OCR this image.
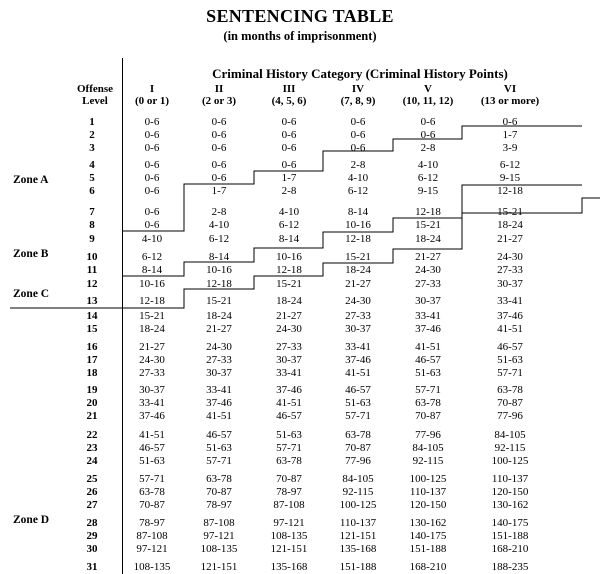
SENTENCING TABLE
(in months of imprisonment)
Criminal History Category (Criminal History Points)
Offense
Level
I
(0 or 1)
II
(2 or 3)
III
(4, 5, 6)
IV
(7, 8, 9)
V
(10, 11, 12)
VI
(13 or more)
1	0-6	0-6	0-6	0-6	0-6	0-6
2	0-6	0-6	0-6	0-6	0-6	1-7
3	0-6	0-6	0-6	0-6	2-8	3-9
4	0-6	0-6	0-6	2-8	4-10	6-12
5	0-6	0-6	1-7	4-10	6-12	9-15
6	0-6	1-7	2-8	6-12	9-15	12-18
7	0-6	2-8	4-10	8-14	12-18	15-21
8	0-6	4-10	6-12	10-16	15-21	18-24
9	4-10	6-12	8-14	12-18	18-24	21-27
10	6-12	8-14	10-16	15-21	21-27	24-30
11	8-14	10-16	12-18	18-24	24-30	27-33
12	10-16	12-18	15-21	21-27	27-33	30-37
13	12-18	15-21	18-24	24-30	30-37	33-41
14	15-21	18-24	21-27	27-33	33-41	37-46
15	18-24	21-27	24-30	30-37	37-46	41-51
16	21-27	24-30	27-33	33-41	41-51	46-57
17	24-30	27-33	30-37	37-46	46-57	51-63
18	27-33	30-37	33-41	41-51	51-63	57-71
19	30-37	33-41	37-46	46-57	57-71	63-78
20	33-41	37-46	41-51	51-63	63-78	70-87
21	37-46	41-51	46-57	57-71	70-87	77-96
22	41-51	46-57	51-63	63-78	77-96	84-105
23	46-57	51-63	57-71	70-87	84-105	92-115
24	51-63	57-71	63-78	77-96	92-115	100-125
25	57-71	63-78	70-87	84-105	100-125	110-137
26	63-78	70-87	78-97	92-115	110-137	120-150
27	70-87	78-97	87-108	100-125	120-150	130-162
28	78-97	87-108	97-121	110-137	130-162	140-175
29	87-108	97-121	108-135	121-151	140-175	151-188
30	97-121	108-135	121-151	135-168	151-188	168-210
31	108-135	121-151	135-168	151-188	168-210	188-235
Zone A
Zone B
Zone C
Zone D
